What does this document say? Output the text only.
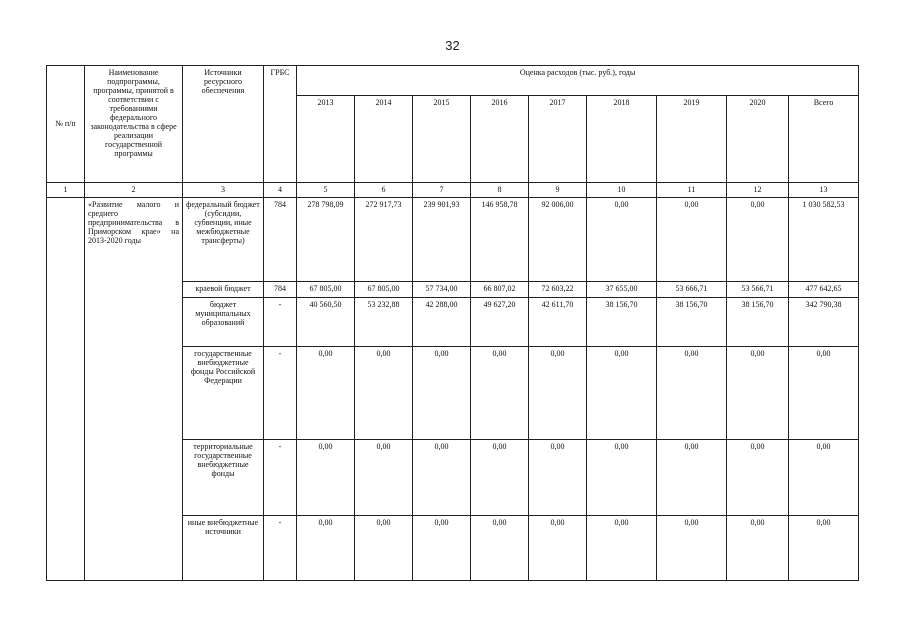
32
№ п/п	Наименование подпрограммы, программы, принятой в соответствии с требованиями федерального законодательства в сфере реализации государственной программы	Источники ресурсного обеспечения	ГРБС	Оценка расходов (тыс. руб.), годы								
				2013	2014	2015	2016	2017	2018	2019	2020	Всего
1	2	3	4	5	6	7	8	9	10	11	12	13
	«Развитие малого и среднего предпринимательства в Приморском крае» на 2013-2020 годы	федеральный бюджет (субсидии, субвенции, иные межбюджетные трансферты)	784	278 798,09	272 917,73	239 901,93	146 958,78	92 006,00	0,00	0,00	0,00	1 030 582,53
		краевой бюджет	784	67 805,00	67 805,00	57 734,00	66 807,02	72 603,22	37 655,00	53 666,71	53 566,71	477 642,65
		бюджет муниципальных образований	-	40 560,50	53 232,88	42 288,00	49 627,20	42 611,70	38 156,70	38 156,70	38 156,70	342 790,38
		государственные внебюджетные фонды Российской Федерации	-	0,00	0,00	0,00	0,00	0,00	0,00	0,00	0,00	0,00
		территориальные государственные внебюджетные фонды	-	0,00	0,00	0,00	0,00	0,00	0,00	0,00	0,00	0,00
		иные внебюджетные источники	-	0,00	0,00	0,00	0,00	0,00	0,00	0,00	0,00	0,00
